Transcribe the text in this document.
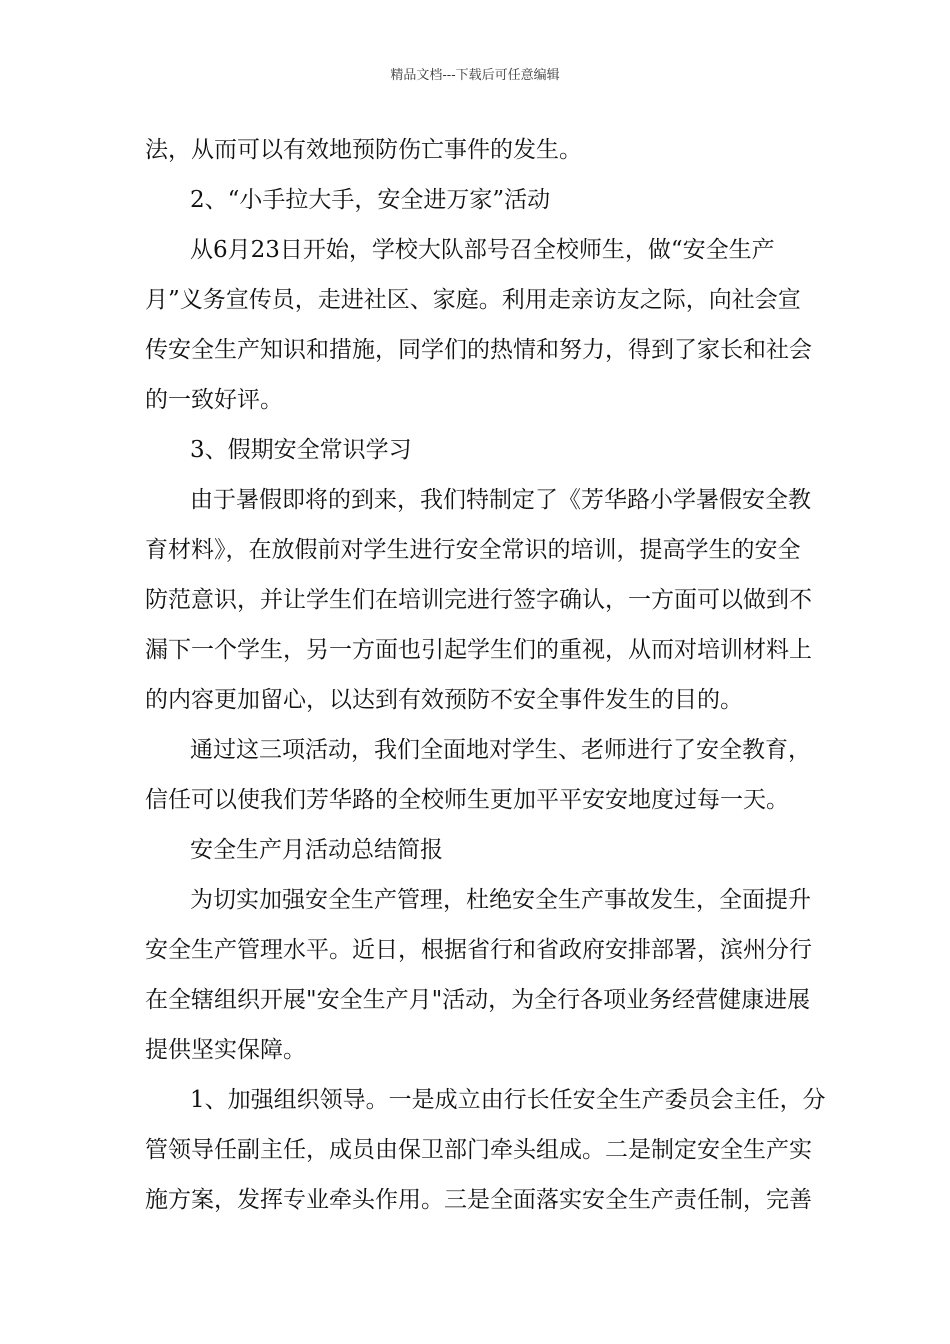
精品文档---下载后可任意编辑
法，从而可以有效地预防伤亡事件的发生。
2、“小手拉大手，安全进万家”活动
从6月23日开始，学校大队部号召全校师生，做“安全生产
月”义务宣传员，走进社区、家庭。利用走亲访友之际，向社会宣
传安全生产知识和措施，同学们的热情和努力，得到了家长和社会
的一致好评。
3、假期安全常识学习
由于暑假即将的到来，我们特制定了《芳华路小学暑假安全教
育材料》，在放假前对学生进行安全常识的培训，提高学生的安全
防范意识，并让学生们在培训完进行签字确认，一方面可以做到不
漏下一个学生，另一方面也引起学生们的重视，从而对培训材料上
的内容更加留心，以达到有效预防不安全事件发生的目的。
通过这三项活动，我们全面地对学生、老师进行了安全教育，
信任可以使我们芳华路的全校师生更加平平安安地度过每一天。
安全生产月活动总结简报
为切实加强安全生产管理，杜绝安全生产事故发生，全面提升
安全生产管理水平。近日，根据省行和省政府安排部署，滨州分行
在全辖组织开展"安全生产月"活动，为全行各项业务经营健康进展
提供坚实保障。
1、加强组织领导。一是成立由行长任安全生产委员会主任，分
管领导任副主任，成员由保卫部门牵头组成。二是制定安全生产实
施方案，发挥专业牵头作用。三是全面落实安全生产责任制，完善
